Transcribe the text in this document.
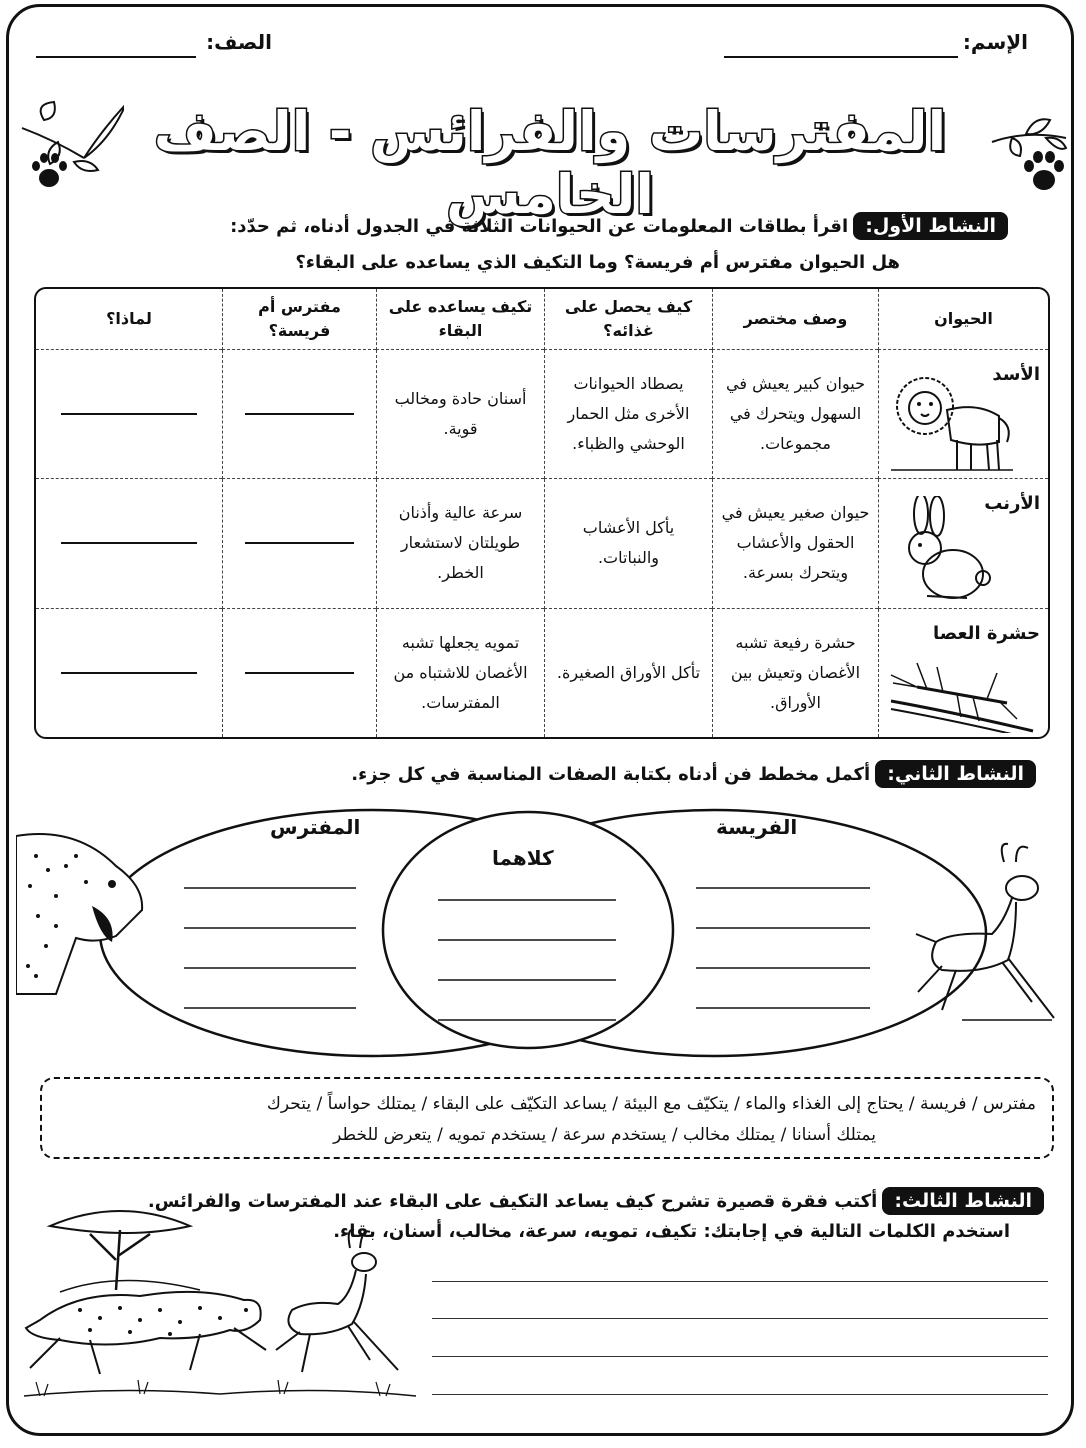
الإسم:
الصف:
المفترسات والفرائس - الصف الخامس	النشاط الأول: اقرأ بطاقات المعلومات عن الحيوانات الثلاثة في الجدول أدناه، ثم حدّد:
هل الحيوان مفترس أم فريسة؟ وما التكيف الذي يساعده على البقاء؟
الحيوان	وصف مختصر	كيف يحصل على غذائه؟	تكيف يساعده على البقاء	مفترس أم فريسة؟	لماذا؟

الأسد	حيوان كبير يعيش في السهول ويتحرك في مجموعات.	يصطاد الحيوانات الأخرى مثل الحمار الوحشي والظباء.	أسنان حادة ومخالب قوية.	

الأرنب	حيوان صغير يعيش في الحقول والأعشاب ويتحرك بسرعة.	يأكل الأعشاب والنباتات.	سرعة عالية وأذنان طويلتان لاستشعار الخطر.	

حشرة العصا	حشرة رفيعة تشبه الأغصان وتعيش بين الأوراق.	تأكل الأوراق الصغيرة.	تمويه يجعلها تشبه الأغصان للاشتباه من المفترسات.	

النشاط الثاني: أكمل مخطط فن أدناه بكتابة الصفات المناسبة في كل جزء.
المفترس
كلاهما
الفريسة
مفترس / فريسة / يحتاج إلى الغذاء والماء / يتكيّف مع البيئة / يساعد التكيّف على البقاء / يمتلك حواساً / يتحرك
يمتلك أسنانا / يمتلك مخالب / يستخدم سرعة / يستخدم تمويه / يتعرض للخطر
النشاط الثالث: أكتب فقرة قصيرة تشرح كيف يساعد التكيف على البقاء عند المفترسات والفرائس.
استخدم الكلمات التالية في إجابتك: تكيف، تمويه، سرعة، مخالب، أسنان، بقاء.
